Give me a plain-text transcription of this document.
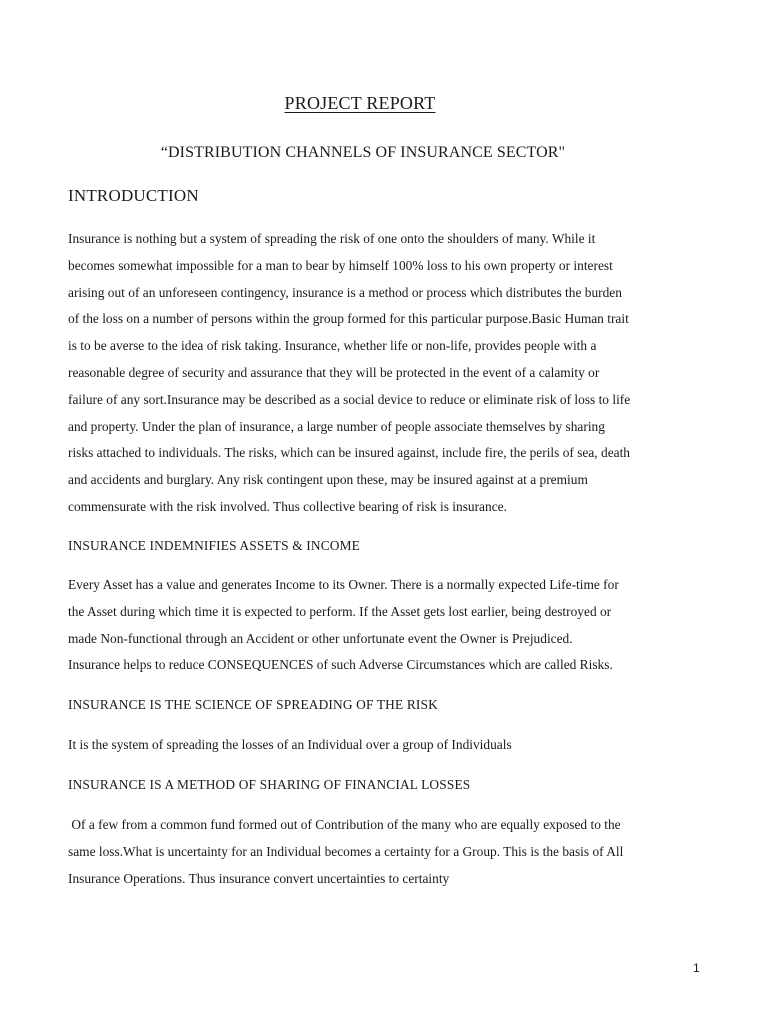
PROJECT REPORT
“DISTRIBUTION CHANNELS OF INSURANCE SECTOR"
INTRODUCTION
Insurance is nothing but a system of spreading the risk of one onto the shoulders of many. While it
becomes somewhat impossible for a man to bear by himself 100% loss to his own property or interest
arising out of an unforeseen contingency, insurance is a method or process which distributes the burden
of the loss on a number of persons within the group formed for this particular purpose.Basic Human trait
is to be averse to the idea of risk taking. Insurance, whether life or non-life, provides people with a
reasonable degree of security and assurance that they will be protected in the event of a calamity or
failure of any sort.Insurance may be described as a social device to reduce or eliminate risk of loss to life
and property. Under the plan of insurance, a large number of people associate themselves by sharing
risks attached to individuals. The risks, which can be insured against, include fire, the perils of sea, death
and accidents and burglary. Any risk contingent upon these, may be insured against at a premium
commensurate with the risk involved. Thus collective bearing of risk is insurance.
INSURANCE INDEMNIFIES ASSETS & INCOME
Every Asset has a value and generates Income to its Owner. There is a normally expected Life-time for
the Asset during which time it is expected to perform. If the Asset gets lost earlier, being destroyed or
made Non-functional through an Accident or other unfortunate event the Owner is Prejudiced.
Insurance helps to reduce CONSEQUENCES of such Adverse Circumstances which are called Risks.
INSURANCE IS THE SCIENCE OF SPREADING OF THE RISK
It is the system of spreading the losses of an Individual over a group of Individuals
INSURANCE IS A METHOD OF SHARING OF FINANCIAL LOSSES
Of a few from a common fund formed out of Contribution of the many who are equally exposed to the
same loss.What is uncertainty for an Individual becomes a certainty for a Group. This is the basis of All
Insurance Operations. Thus insurance convert uncertainties to certainty
1
